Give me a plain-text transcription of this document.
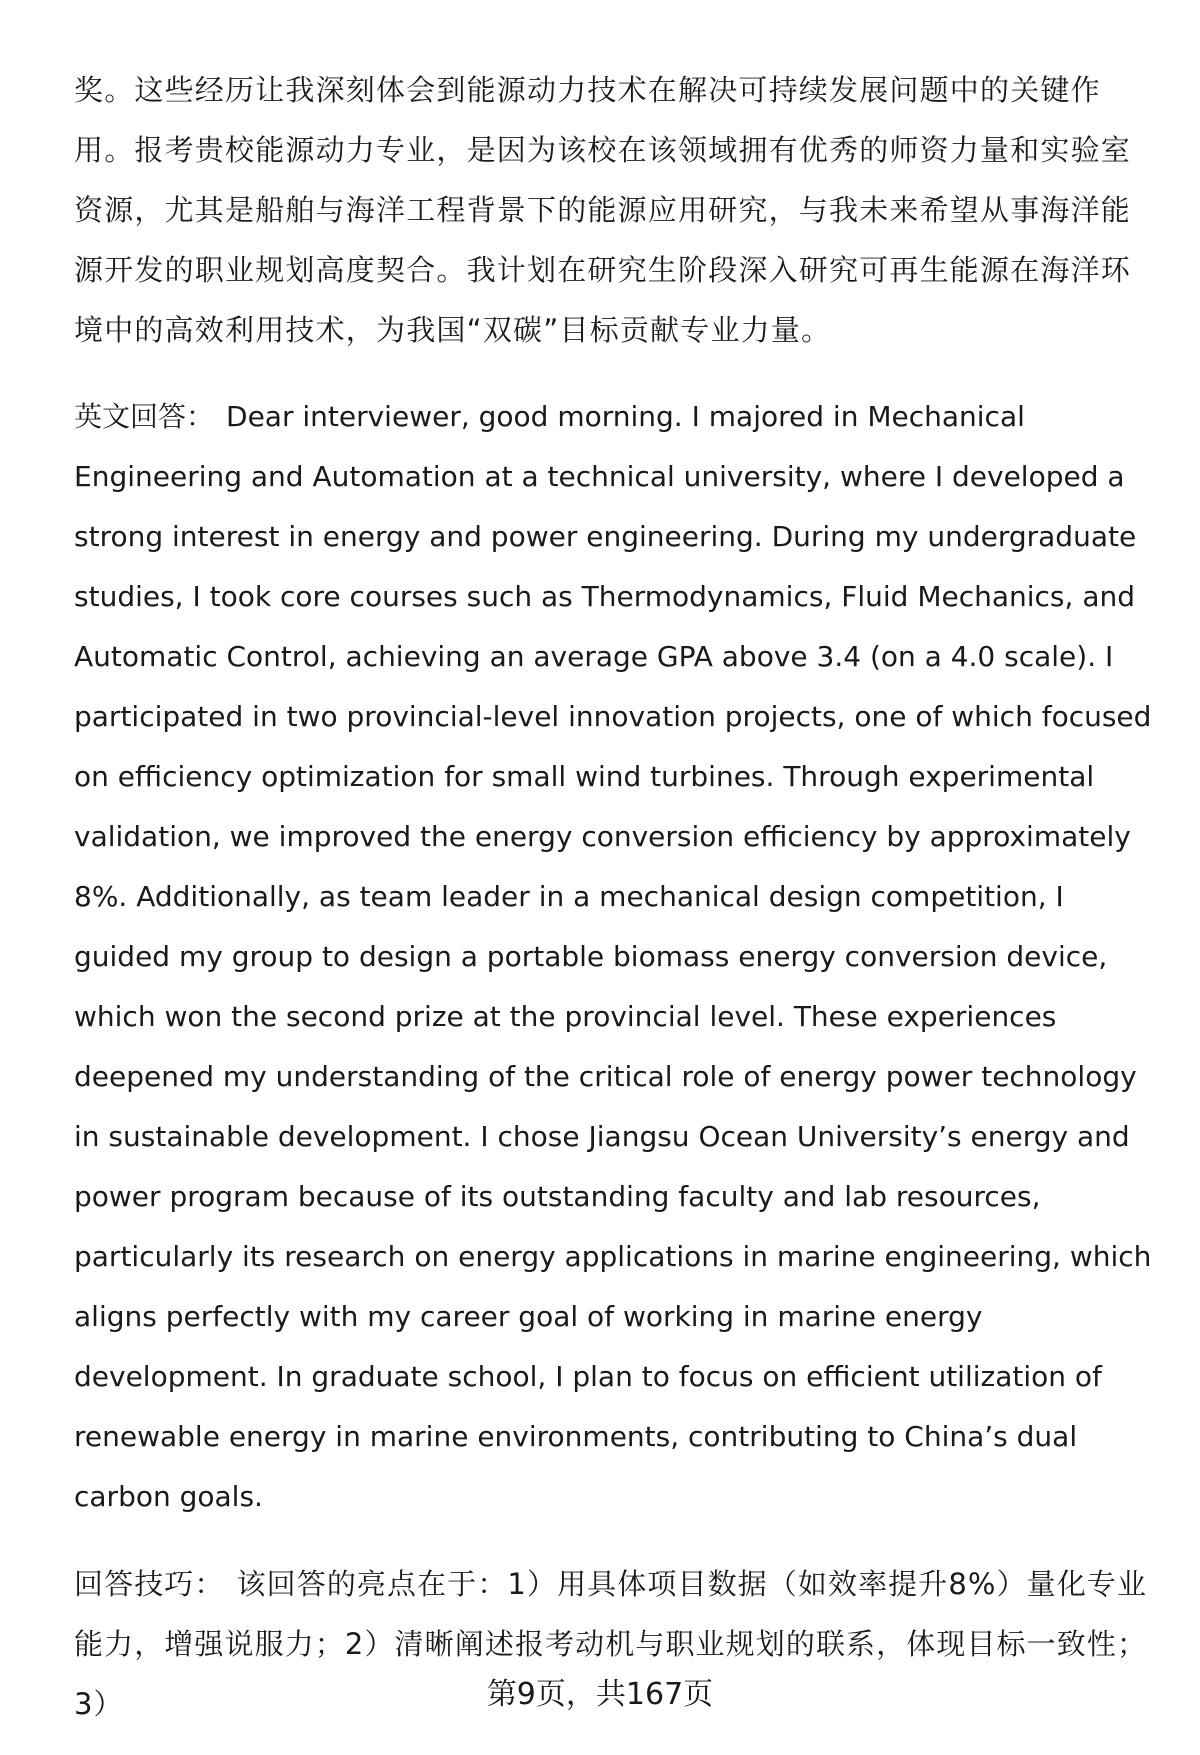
奖。这些经历让我深刻体会到能源动力技术在解决可持续发展问题中的关键作用。报考贵校能源动力专业，是因为该校在该领域拥有优秀的师资力量和实验室资源，尤其是船舶与海洋工程背景下的能源应用研究，与我未来希望从事海洋能源开发的职业规划高度契合。我计划在研究生阶段深入研究可再生能源在海洋环境中的高效利用技术，为我国“双碳”目标贡献专业力量。

英文回答： Dear interviewer, good morning. I majored in Mechanical Engineering and Automation at a technical university, where I developed a strong interest in energy and power engineering. During my undergraduate studies, I took core courses such as Thermodynamics, Fluid Mechanics, and Automatic Control, achieving an average GPA above 3.4 (on a 4.0 scale). I participated in two provincial-level innovation projects, one of which focused on efficiency optimization for small wind turbines. Through experimental validation, we improved the energy conversion efficiency by approximately 8%. Additionally, as team leader in a mechanical design competition, I guided my group to design a portable biomass energy conversion device, which won the second prize at the provincial level. These experiences deepened my understanding of the critical role of energy power technology in sustainable development. I chose Jiangsu Ocean University’s energy and power program because of its outstanding faculty and lab resources, particularly its research on energy applications in marine engineering, which aligns perfectly with my career goal of working in marine energy development. In graduate school, I plan to focus on efficient utilization of renewable energy in marine environments, contributing to China’s dual carbon goals.

回答技巧： 该回答的亮点在于：1）用具体项目数据（如效率提升8%）量化专业能力，增强说服力；2）清晰阐述报考动机与职业规划的联系，体现目标一致性；3）	第9页，共167页
